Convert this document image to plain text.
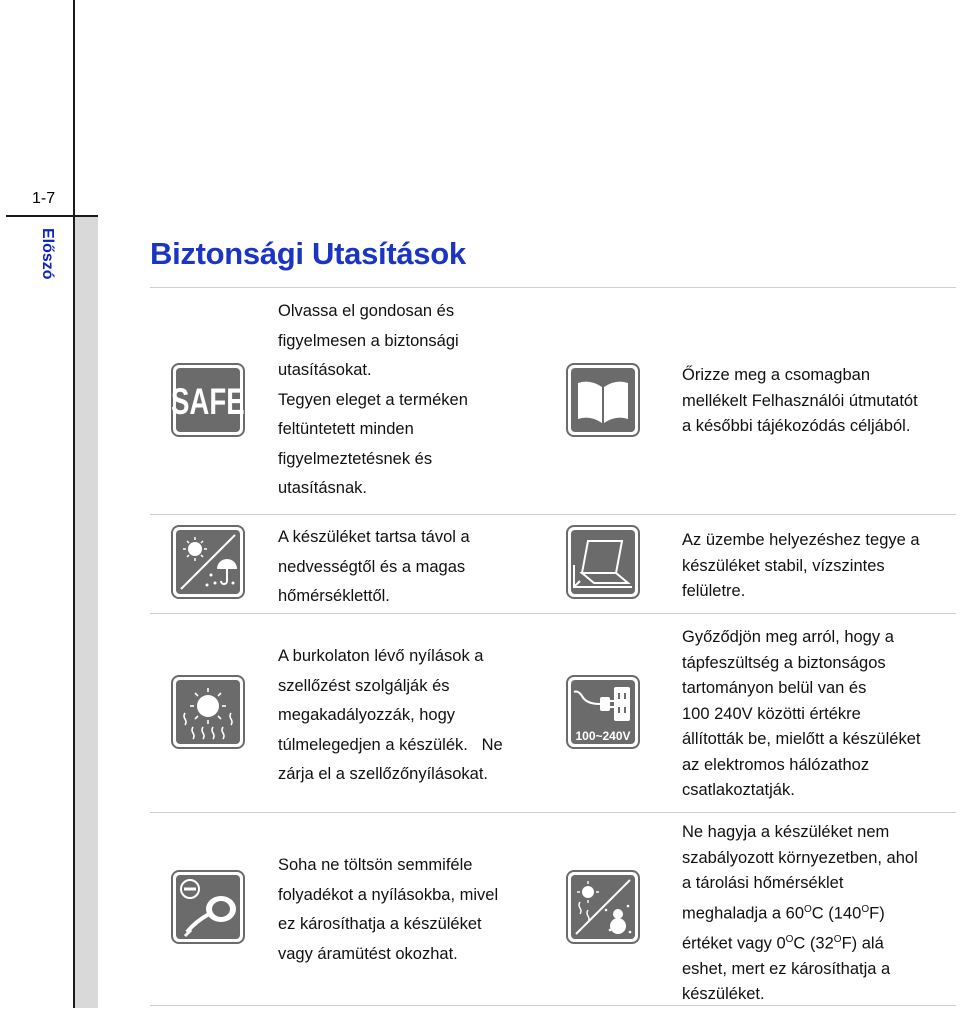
1-7
Előszó	Biztonsági Utasítások
SAFE
100~240V

Olvassa el gondosan és

figyelmesen a biztonsági

utasításokat.

Tegyen eleget a terméken

feltüntetett minden

figyelmeztetésnek és

utasításnak.

A készüléket tartsa távol a

nedvességtől és a magas

hőmérséklettől.

A burkolaton lévő nyílások a

szellőzést szolgálják és

megakadályozzák, hogy

túlmelegedjen a készülék.   Ne

zárja el a szellőzőnyílásokat.

Soha ne töltsön semmiféle

folyadékot a nyílásokba, mivel

ez károsíthatja a készüléket

vagy áramütést okozhat.

Őrizze meg a csomagban

mellékelt Felhasználói útmutatót

a későbbi tájékozódás céljából.

Az üzembe helyezéshez tegye a

készüléket stabil, vízszintes

felületre.

Győződjön meg arról, hogy a

tápfeszültség a biztonságos

tartományon belül van és

100 240V közötti értékre

állították be, mielőtt a készüléket

az elektromos hálózathoz

csatlakoztatják.

Ne hagyja a készüléket nem

szabályozott környezetben, ahol

a tárolási hőmérséklet

meghaladja a $60^OC$ $(140^OF)$

értéket vagy $0^OC$ $(32^OF)$ alá

eshet, mert ez károsíthatja a

készüléket.
